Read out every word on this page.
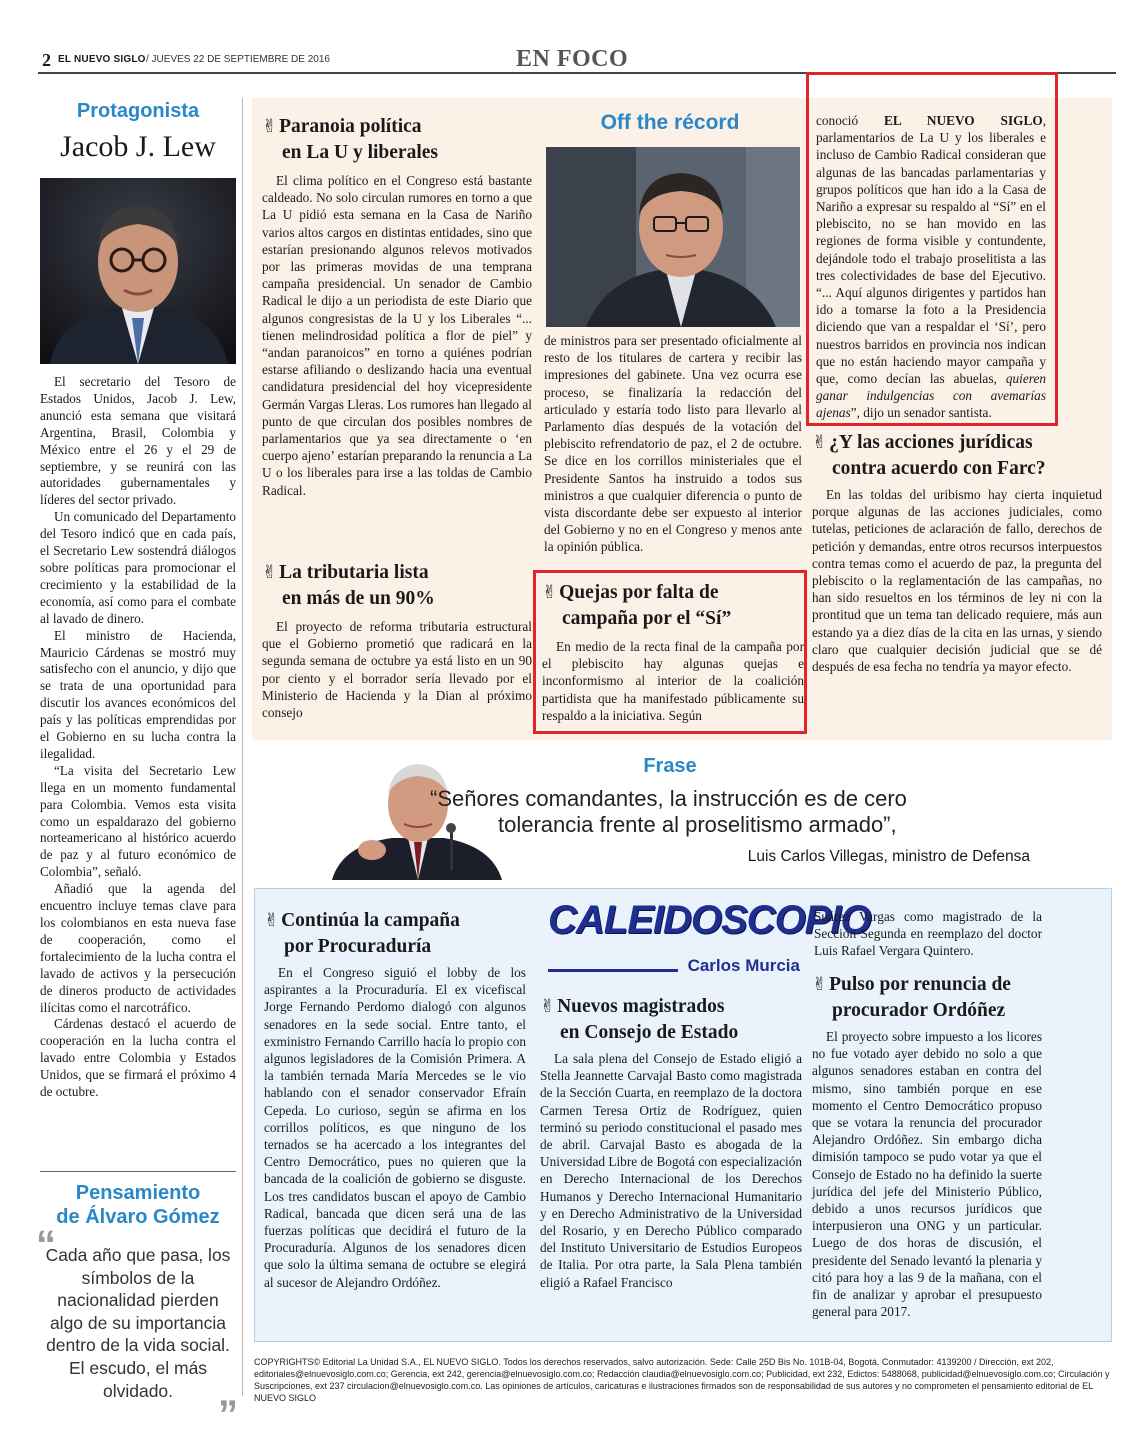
2 EL NUEVO SIGLO / JUEVES 22 DE SEPTIEMBRE DE 2016	EN FOCO
Protagonista
Jacob J. Lew

El secretario del Tesoro de Estados Unidos, Jacob J. Lew, anunció esta semana que visitará Argentina, Brasil, Colombia y México entre el 26 y el 29 de septiembre, y se reunirá con las autoridades gubernamentales y líderes del sector privado.

Un comunicado del Departamento del Tesoro indicó que en cada país, el Secretario Lew sostendrá diálogos sobre políticas para promocionar el crecimiento y la estabilidad de la economía, así como para el combate al lavado de dinero.

El ministro de Hacienda, Mauricio Cárdenas se mostró muy satisfecho con el anuncio, y dijo que se trata de una oportunidad para discutir los avances económicos del país y las políticas emprendidas por el Gobierno en su lucha contra la ilegalidad.

“La visita del Secretario Lew llega en un momento fundamental para Colombia. Vemos esta visita como un espaldarazo del gobierno norteamericano al histórico acuerdo de paz y al futuro económico de Colombia”, señaló.

Añadió que la agenda del encuentro incluye temas clave para los colombianos en esta nueva fase de cooperación, como el fortalecimiento de la lucha contra el lavado de activos y la persecución de dineros producto de actividades ilícitas como el narcotráfico.

Cárdenas destacó el acuerdo de cooperación en la lucha contra el lavado entre Colombia y Estados Unidos, que se firmará el próximo 4 de octubre.

Pensamiento
de Álvaro Gómez
“
Cada año que pasa, los símbolos de la nacionalidad pierden algo de su importancia dentro de la vida social. El escudo, el más olvidado.
”
✌ Paranoia política
en La U y liberales

El clima político en el Congreso está bastante caldeado. No solo circulan rumores en torno a que La U pidió esta semana en la Casa de Nariño varios altos cargos en distintas entidades, sino que estarían presionando algunos relevos motivados por las primeras movidas de una temprana campaña presidencial. Un senador de Cambio Radical le dijo a un periodista de este Diario que algunos congresistas de la U y los Liberales “... tienen melindrosidad política a flor de piel” y “andan paranoicos” en torno a quiénes podrían estarse afiliando o deslizando hacia una eventual candidatura presidencial del hoy vicepresidente Germán Vargas Lleras. Los rumores han llegado al punto de que circulan dos posibles nombres de parlamentarios que ya sea directamente o ‘en cuerpo ajeno’ estarían preparando la renuncia a La U o los liberales para irse a las toldas de Cambio Radical.

✌ La tributaria lista
en más de un 90%

El proyecto de reforma tributaria estructural que el Gobierno prometió que radicará en la segunda semana de octubre ya está listo en un 90 por ciento y el borrador sería llevado por el Ministerio de Hacienda y la Dian al próximo consejo

Off the récord

de ministros para ser presentado oficialmente al resto de los titulares de cartera y recibir las impresiones del gabinete. Una vez ocurra ese proceso, se finalizaría la redacción del articulado y estaría todo listo para llevarlo al Parlamento días después de la votación del plebiscito refrendatorio de paz, el 2 de octubre. Se dice en los corrillos ministeriales que el Presidente Santos ha instruido a todos sus ministros a que cualquier diferencia o punto de vista discordante debe ser expuesto al interior del Gobierno y no en el Congreso y menos ante la opinión pública.

✌ Quejas por falta de
campaña por el “Sí”

En medio de la recta final de la campaña por el plebiscito hay algunas quejas e inconformismo al interior de la coalición partidista que ha manifestado públicamente su respaldo a la iniciativa. Según

conoció EL NUEVO SIGLO, parlamentarios de La U y los liberales e incluso de Cambio Radical consideran que algunas de las bancadas parlamentarias y grupos políticos que han ido a la Casa de Nariño a expresar su respaldo al “Sí” en el plebiscito, no se han movido en las regiones de forma visible y contundente, dejándole todo el trabajo proselitista a las tres colectividades de base del Ejecutivo. “... Aquí algunos dirigentes y partidos han ido a tomarse la foto a la Presidencia diciendo que van a respaldar el ‘Sí’, pero nuestros barridos en provincia nos indican que no están haciendo mayor campaña y que, como decían las abuelas, quieren ganar indulgencias con avemarías ajenas”, dijo un senador santista.

✌ ¿Y las acciones jurídicas
contra acuerdo con Farc?

En las toldas del uribismo hay cierta inquietud porque algunas de las acciones judiciales, como tutelas, peticiones de aclaración de fallo, derechos de petición y demandas, entre otros recursos interpuestos contra temas como el acuerdo de paz, la pregunta del plebiscito o la reglamentación de las campañas, no han sido resueltos en los términos de ley ni con la prontitud que un tema tan delicado requiere, más aun estando ya a diez días de la cita en las urnas, y siendo claro que cualquier decisión judicial que se dé después de esa fecha no tendría ya mayor efecto.

Frase
“Señores comandantes, la instrucción es de cero
tolerancia frente al proselitismo armado”,
Luis Carlos Villegas, ministro de Defensa
CALEIDOSCOPIO
Carlos Murcia
✌ Continúa la campaña
por Procuraduría

En el Congreso siguió el lobby de los aspirantes a la Procuraduría. El ex vicefiscal Jorge Fernando Perdomo dialogó con algunos senadores en la sede social. Entre tanto, el exministro Fernando Carrillo hacía lo propio con algunos legisladores de la Comisión Primera. A la también ternada María Mercedes se le vio hablando con el senador conservador Efraín Cepeda. Lo curioso, según se afirma en los corrillos políticos, es que ninguno de los ternados se ha acercado a los integrantes del Centro Democrático, pues no quieren que la bancada de la coalición de gobierno se disguste. Los tres candidatos buscan el apoyo de Cambio Radical, bancada que dicen será una de las fuerzas políticas que decidirá el futuro de la Procuraduría. Algunos de los senadores dicen que solo la última semana de octubre se elegirá al sucesor de Alejandro Ordóñez.

✌ Nuevos magistrados
en Consejo de Estado

La sala plena del Consejo de Estado eligió a Stella Jeannette Carvajal Basto como magistrada de la Sección Cuarta, en reemplazo de la doctora Carmen Teresa Ortiz de Rodríguez, quien terminó su periodo constitucional el pasado mes de abril. Carvajal Basto es abogada de la Universidad Libre de Bogotá con especialización en Derecho Internacional de los Derechos Humanos y Derecho Internacional Humanitario y en Derecho Administrativo de la Universidad del Rosario, y en Derecho Público comparado del Instituto Universitario de Estudios Europeos de Italia. Por otra parte, la Sala Plena también eligió a Rafael Francisco

Suárez Vargas como magistrado de la Sección Segunda en reemplazo del doctor Luis Rafael Vergara Quintero.

✌ Pulso por renuncia de
procurador Ordóñez

El proyecto sobre impuesto a los licores no fue votado ayer debido no solo a que algunos senadores estaban en contra del mismo, sino también porque en ese momento el Centro Democrático propuso que se votara la renuncia del procurador Alejandro Ordóñez. Sin embargo dicha dimisión tampoco se pudo votar ya que el Consejo de Estado no ha definido la suerte jurídica del jefe del Ministerio Público, debido a unos recursos jurídicos que interpusieron una ONG y un particular. Luego de dos horas de discusión, el presidente del Senado levantó la plenaria y citó para hoy a las 9 de la mañana, con el fin de analizar y aprobar el presupuesto general para 2017.

COPYRIGHTS© Editorial La Unidad S.A., EL NUEVO SIGLO. Todos los derechos reservados, salvo autorización. Sede: Calle 25D Bis No. 101B-04, Bogotá. Conmutador: 4139200 / Dirección, ext 202, editoriales@elnuevosiglo.com.co; Gerencia, ext 242, gerencia@elnuevosiglo.com.co; Redacción claudia@elnuevosiglo.com.co; Publicidad, ext 232, Edictos: 5488068, publicidad@elnuevosiglo.com.co; Circulación y Suscripciones, ext 237 circulacion@elnuevosiglo.com.co. Las opiniones de artículos, caricaturas e ilustraciones firmados son de responsabilidad de sus autores y no comprometen el pensamiento editorial de EL NUEVO SIGLO
